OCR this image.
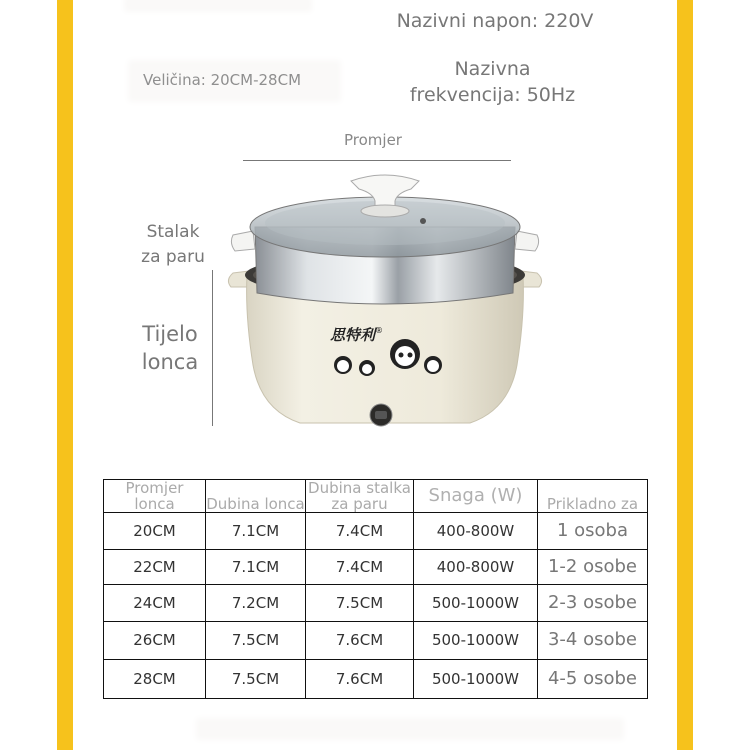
Nazivni napon: 220V
Veličina: 20CM-28CM	Nazivna
frekvencija: 50Hz
Promjer
Stalak
za paru
Tijelo
lonca
思特利 ®
Promjer lonca	Dubina lonca	Dubina stalka za paru	Snaga (W)	Prikladno za
20CM	7.1CM	7.4CM	400-800W	1 osoba
22CM	7.1CM	7.4CM	400-800W	1-2 osobe
24CM	7.2CM	7.5CM	500-1000W	2-3 osobe
26CM	7.5CM	7.6CM	500-1000W	3-4 osobe
28CM	7.5CM	7.6CM	500-1000W	4-5 osobe
